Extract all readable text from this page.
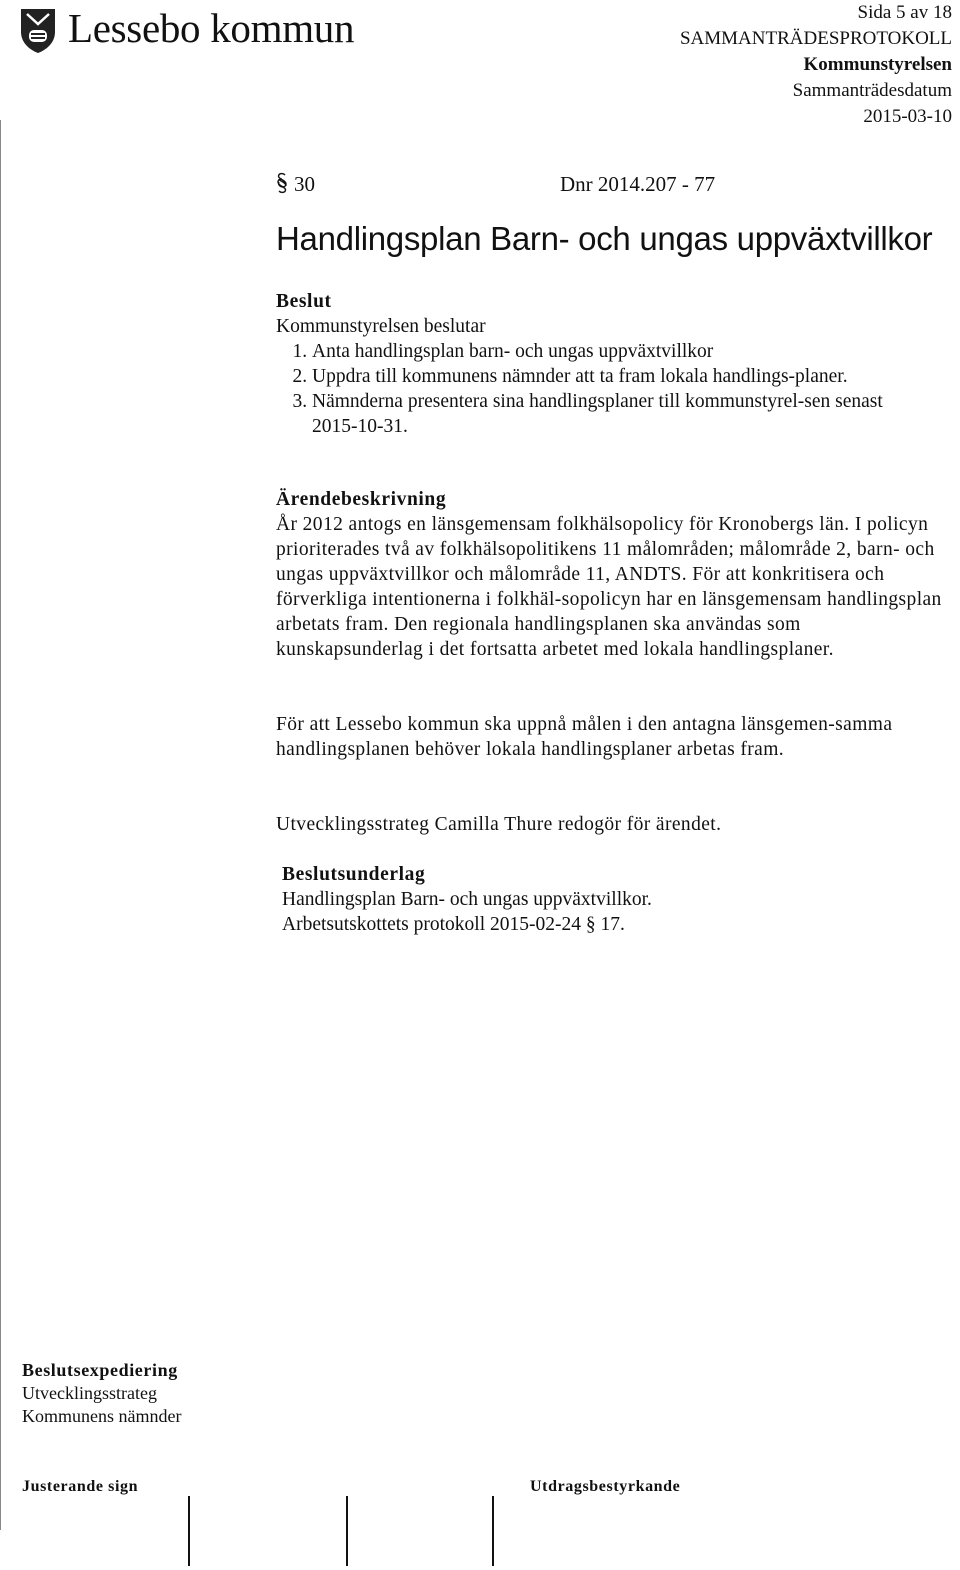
Lessebo kommun	Sida 5 av 18
SAMMANTRÄDESPROTOKOLL
Kommunstyrelsen
Sammanträdesdatum
2015-03-10
30	Dnr 2014.207 - 77
Handlingsplan Barn- och ungas uppväxtvillkor
Beslut
Kommunstyrelsen beslutar
1. Anta handlingsplan barn- och ungas uppväxtvillkor
2. Uppdra till kommunens nämnder att ta fram lokala handlings-planer.
3. Nämnderna presentera sina handlingsplaner till kommunstyrel-sen senast 2015-10-31.
Ärendebeskrivning
År 2012 antogs en länsgemensam folkhälsopolicy för Kronobergs län. I policyn prioriterades två av folkhälsopolitikens 11 målområden; målområde 2, barn- och ungas uppväxtvillkor och målområde 11, ANDTS. För att konkritisera och förverkliga intentionerna i folkhäl-sopolicyn har en länsgemensam handlingsplan arbetats fram. Den regionala handlingsplanen ska användas som kunskapsunderlag i det fortsatta arbetet med lokala handlingsplaner.
För att Lessebo kommun ska uppnå målen i den antagna länsgemen-samma handlingsplanen behöver lokala handlingsplaner arbetas fram.
Utvecklingsstrateg Camilla Thure redogör för ärendet.
Beslutsunderlag
Handlingsplan Barn- och ungas uppväxtvillkor.
Arbetsutskottets protokoll 2015-02-24 § 17.
Beslutsexpediering
Utvecklingsstrateg
Kommunens nämnder
Justerande sign	Utdragsbestyrkande
